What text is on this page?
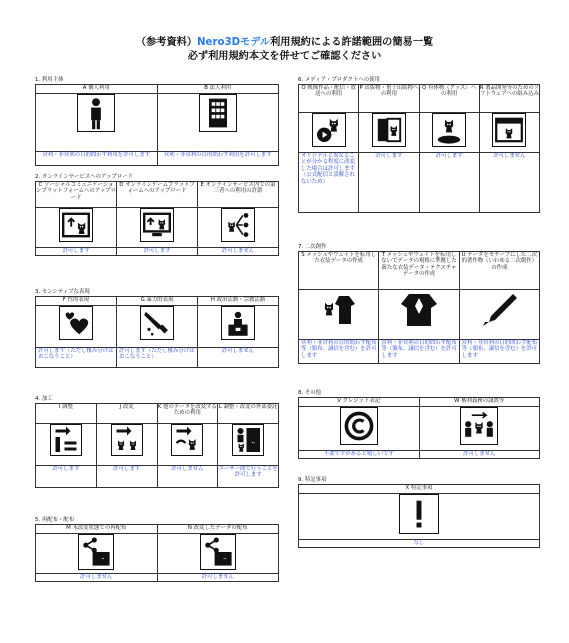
（参考資料）Nero3Dモデル利用規約による許諾範囲の簡易一覧
必ず利用規約本文を併せてご確認ください
1. 利用主体
A 個人利用	B 法人利用

営利・非営利の目的問わず利用を許可します	営利・非営利の目的問わず利用を許可します
2. オンラインサービスへのアップロード
C ソーシャルコミュニケーションプラットフォームへのアップロード	D オンラインゲームプラットフォームへのアップロード	E オンラインサービス内での第三者への利用の許諾

許可します	許可します	許可しません
3. センシティブな表現
F 性的表現	G 暴力的表現	H 政治活動・宗教活動

許可します（ただし棲み分けはおこなうこと）	許可します（ただし棲み分けはおこなうこと）	許可しません
4. 加工
I 調整	J 改変	K 他のデータを改変するための利用	L 調整・改変の外部委託

許可します	許可します	許可しません	ユーザー間で行うことを許可します
5. 再配布・配布
M 未改変状態での再配布	N 改変したデータの配布

許可しません	許可しません
6. メディア・プロダクトへの使用
O 映像作品・配信・放送への利用	P 出版物・電子出版物への利用	Q 有体物（グッズ）への利用	R 製品開発等のためのソフトウェアへの組み込み

オリジナルと異なることが分かる程度に改変した場合は許可します（公式配信と誤解されないため）	許可します	許可します	許可しません
7. 二次創作
S メッシュやウェイトを転用した衣装データの作成	T メッシュやウェイトを転用しないでデータの規格に準拠した新たな衣装データ・テクスチャデータの作成	U データをモチーフにした二次的著作物（いわゆる二次創作）の作成

営利・非営利の目的問わず配布等（頒布、譲信を含む）を許可します	営利・非営利の目的問わず配布等（頒布、譲信を含む）を許可します	営利・非営利の目的問わず配布等（頒布、譲信を含む）を許可します
8. その他
V クレジット表記	W 権利義務の譲渡等

不要ですがあると嬉しいです	許可しません
9. 特記事項
X 特記事項

なし
